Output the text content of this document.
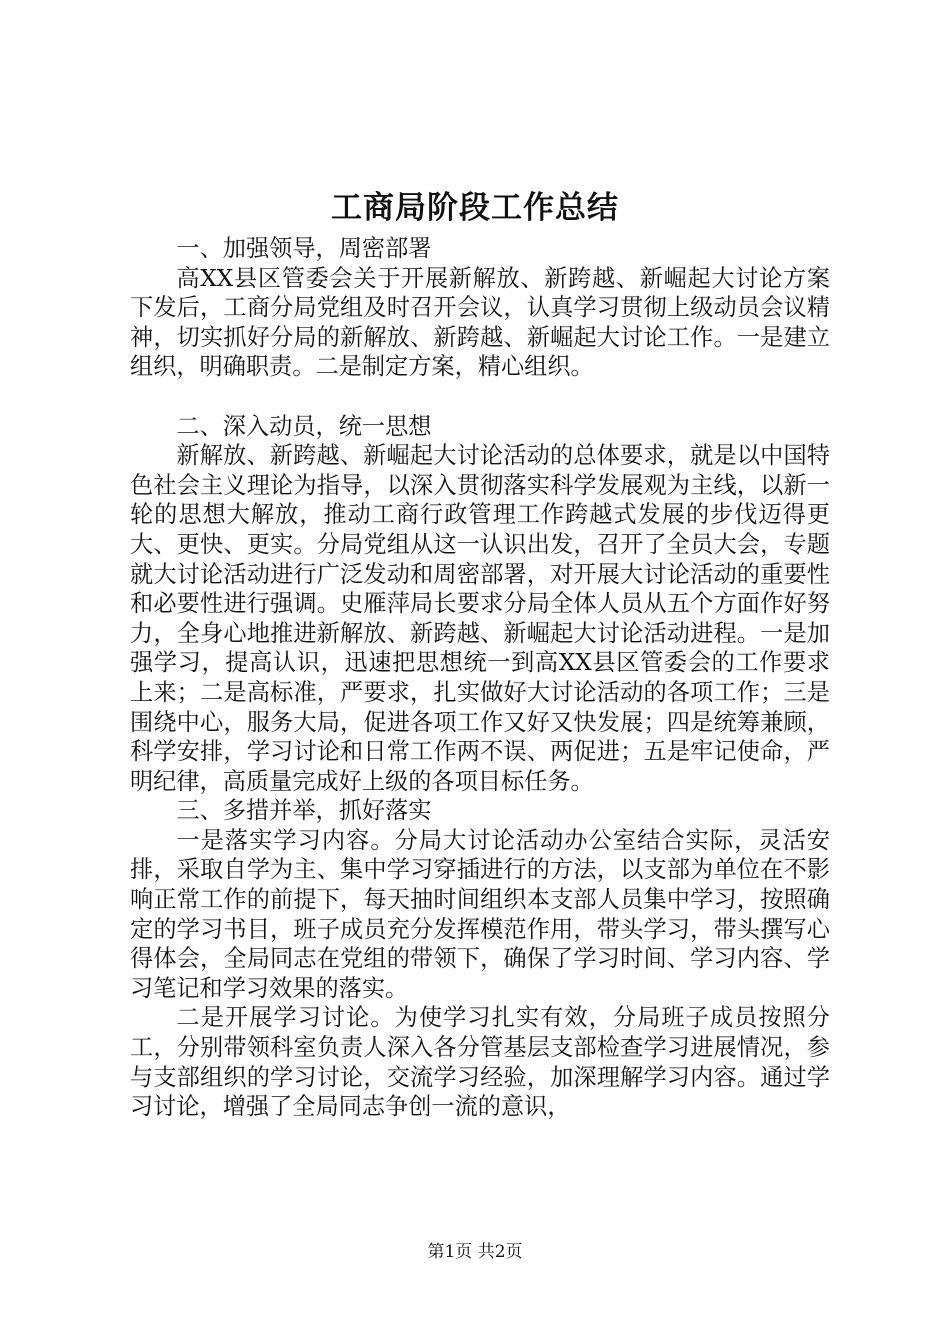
工商局阶段工作总结

一、加强领导，周密部署

高XX县区管委会关于开展新解放、新跨越、新崛起大讨论方案下发后，工商分局党组及时召开会议，认真学习贯彻上级动员会议精神，切实抓好分局的新解放、新跨越、新崛起大讨论工作。一是建立组织，明确职责。二是制定方案，精心组织。

二、深入动员，统一思想

新解放、新跨越、新崛起大讨论活动的总体要求，就是以中国特色社会主义理论为指导，以深入贯彻落实科学发展观为主线，以新一轮的思想大解放，推动工商行政管理工作跨越式发展的步伐迈得更大、更快、更实。分局党组从这一认识出发，召开了全员大会，专题就大讨论活动进行广泛发动和周密部署，对开展大讨论活动的重要性和必要性进行强调。史雁萍局长要求分局全体人员从五个方面作好努力，全身心地推进新解放、新跨越、新崛起大讨论活动进程。一是加强学习，提高认识，迅速把思想统一到高XX县区管委会的工作要求上来；二是高标准，严要求，扎实做好大讨论活动的各项工作；三是围绕中心，服务大局，促进各项工作又好又快发展；四是统筹兼顾，科学安排，学习讨论和日常工作两不误、两促进；五是牢记使命，严明纪律，高质量完成好上级的各项目标任务。

三、多措并举，抓好落实

一是落实学习内容。分局大讨论活动办公室结合实际，灵活安排，采取自学为主、集中学习穿插进行的方法，以支部为单位在不影响正常工作的前提下，每天抽时间组织本支部人员集中学习，按照确定的学习书目，班子成员充分发挥模范作用，带头学习，带头撰写心得体会，全局同志在党组的带领下，确保了学习时间、学习内容、学习笔记和学习效果的落实。

二是开展学习讨论。为使学习扎实有效，分局班子成员按照分工，分别带领科室负责人深入各分管基层支部检查学习进展情况，参与支部组织的学习讨论，交流学习经验，加深理解学习内容。通过学习讨论，增强了全局同志争创一流的意识，

第1页 共2页
